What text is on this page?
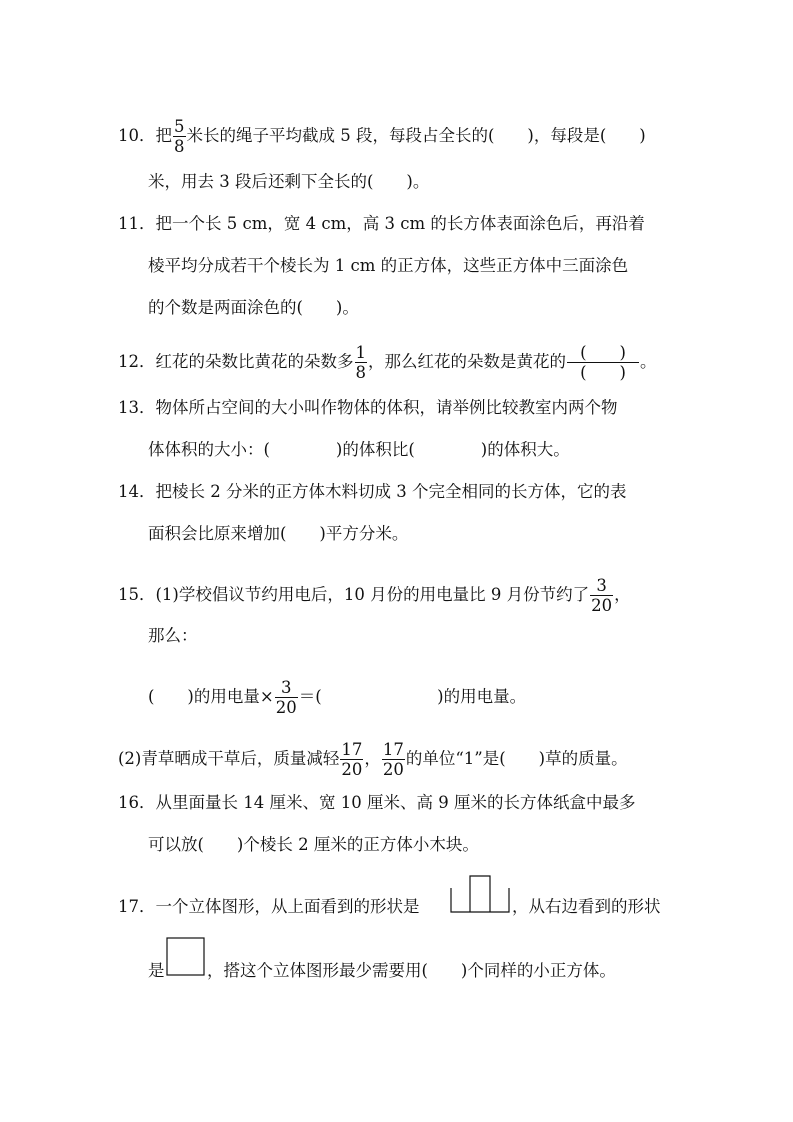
10．把 $\frac{5}{8}$ 米长的绳子平均截成 5 段，每段占全长的(　　)，每段是(　　)
米，用去 3 段后还剩下全长的(　　)。
11．把一个长 5 cm，宽 4 cm，高 3 cm 的长方体表面涂色后，再沿着
棱平均分成若干个棱长为 1 cm 的正方体，这些正方体中三面涂色
的个数是两面涂色的(　　)。
12．红花的朵数比黄花的朵数多 $\frac{1}{8}$ ，那么红花的朵数是黄花的 $\frac{( )}{( )}$ 。
13．物体所占空间的大小叫作物体的体积，请举例比较教室内两个物
体体积的大小：(　　　　)的体积比(　　　　)的体积大。
14．把棱长 2 分米的正方体木料切成 3 个完全相同的长方体，它的表
面积会比原来增加(　　)平方分米。
15．(1)学校倡议节约用电后，10 月份的用电量比 9 月份节约了 $\frac{3}{20}$ ，
那么：
(　　)的用电量× $\frac{3}{20}$ ＝(　　　　　　　)的用电量。
(2)青草晒成干草后，质量减轻 $\frac{17}{20}$ ， $\frac{17}{20}$ 的单位“1”是(　　)草的质量。
16．从里面量长 14 厘米、宽 10 厘米、高 9 厘米的长方体纸盒中最多
可以放(　　)个棱长 2 厘米的正方体小木块。
17．一个立体图形，从上面看到的形状是	，从右边看到的形状
是	，搭这个立体图形最少需要用(　　)个同样的小正方体。
